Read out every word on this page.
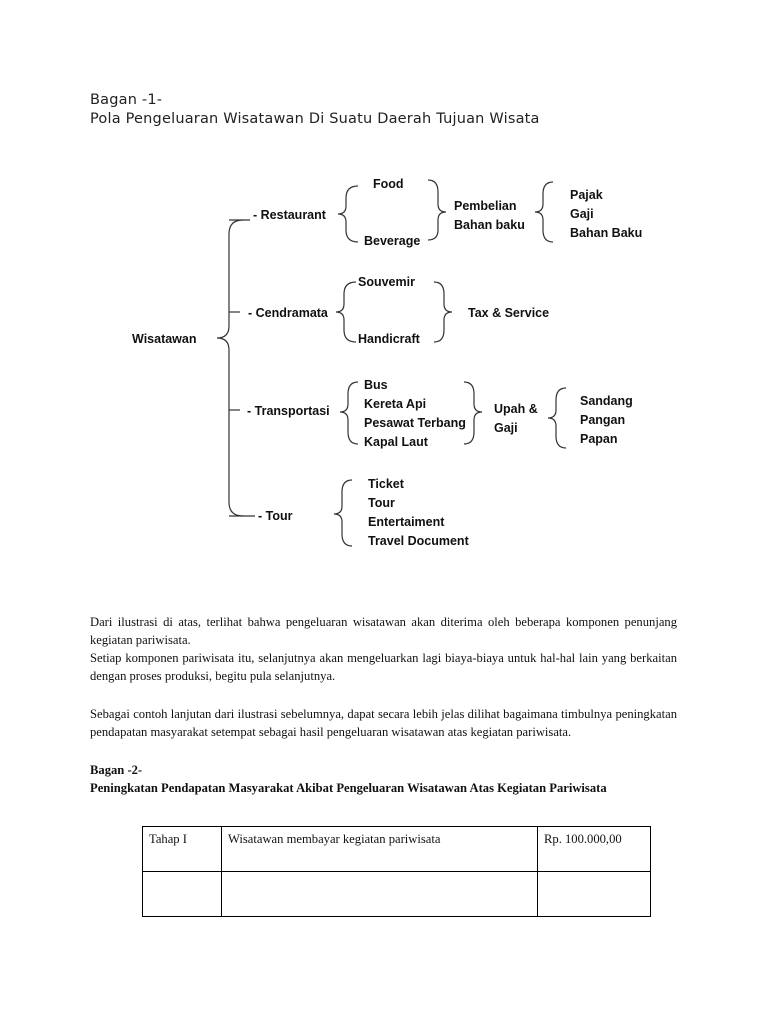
Bagan -1-
Pola Pengeluaran Wisatawan Di Suatu Daerah Tujuan Wisata
Wisatawan
- Restaurant
Food
Beverage
Pembelian
Bahan baku
Pajak
Gaji
Bahan Baku
- Cendramata
Souvemir
Handicraft
Tax & Service
- Transportasi
Bus
Kereta Api
Pesawat Terbang
Kapal Laut
Upah &
Gaji
Sandang
Pangan
Papan
- Tour
Ticket
Tour
Entertaiment
Travel Document

Dari ilustrasi di atas, terlihat bahwa pengeluaran wisatawan akan diterima oleh beberapa komponen penunjang kegiatan pariwisata.

Setiap komponen pariwisata itu, selanjutnya akan mengeluarkan lagi biaya-biaya untuk hal-hal lain yang berkaitan dengan proses produksi, begitu pula selanjutnya.

Sebagai contoh lanjutan dari ilustrasi sebelumnya, dapat secara lebih jelas dilihat bagaimana timbulnya peningkatan pendapatan masyarakat setempat sebagai hasil pengeluaran wisatawan atas kegiatan pariwisata.

Bagan -2-

Peningkatan Pendapatan Masyarakat Akibat Pengeluaran Wisatawan Atas Kegiatan Pariwisata

Tahap I	Wisatawan membayar kegiatan pariwisata	Rp. 100.000,00
